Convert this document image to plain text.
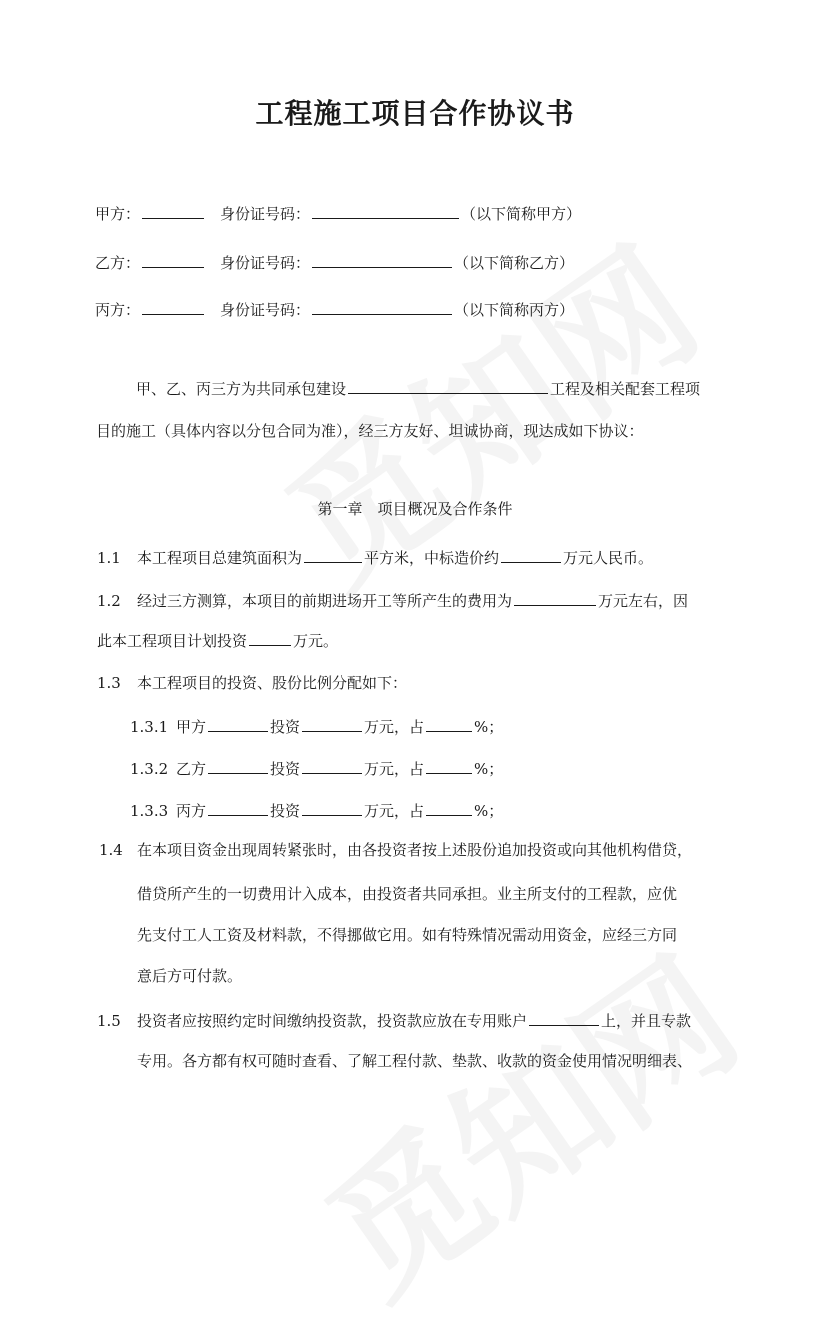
工程施工项目合作协议书
甲方：	身份证号码：	（以下简称甲方）
乙方：	身份证号码：	（以下简称乙方）
丙方：	身份证号码：	（以下简称丙方）
甲、乙、丙三方为共同承包建设	工程及相关配套工程项
目的施工（具体内容以分包合同为准），经三方友好、坦诚协商，现达成如下协议：
第一章　项目概况及合作条件
1.1 本工程项目总建筑面积为	平方米，中标造价约	万元人民币。
1.2 经过三方测算，本项目的前期进场开工等所产生的费用为	万元左右，因
此本工程项目计划投资	万元。
1.3 本工程项目的投资、股份比例分配如下：
1.3.1 甲方	投资	万元，占	%；
1.3.2 乙方	投资	万元，占	%；
1.3.3 丙方	投资	万元，占	%；
1.4 在本项目资金出现周转紧张时，由各投资者按上述股份追加投资或向其他机构借贷，
借贷所产生的一切费用计入成本，由投资者共同承担。业主所支付的工程款，应优
先支付工人工资及材料款，不得挪做它用。如有特殊情况需动用资金，应经三方同
意后方可付款。
1.5 投资者应按照约定时间缴纳投资款，投资款应放在专用账户	上，并且专款
专用。各方都有权可随时查看、了解工程付款、垫款、收款的资金使用情况明细表、
